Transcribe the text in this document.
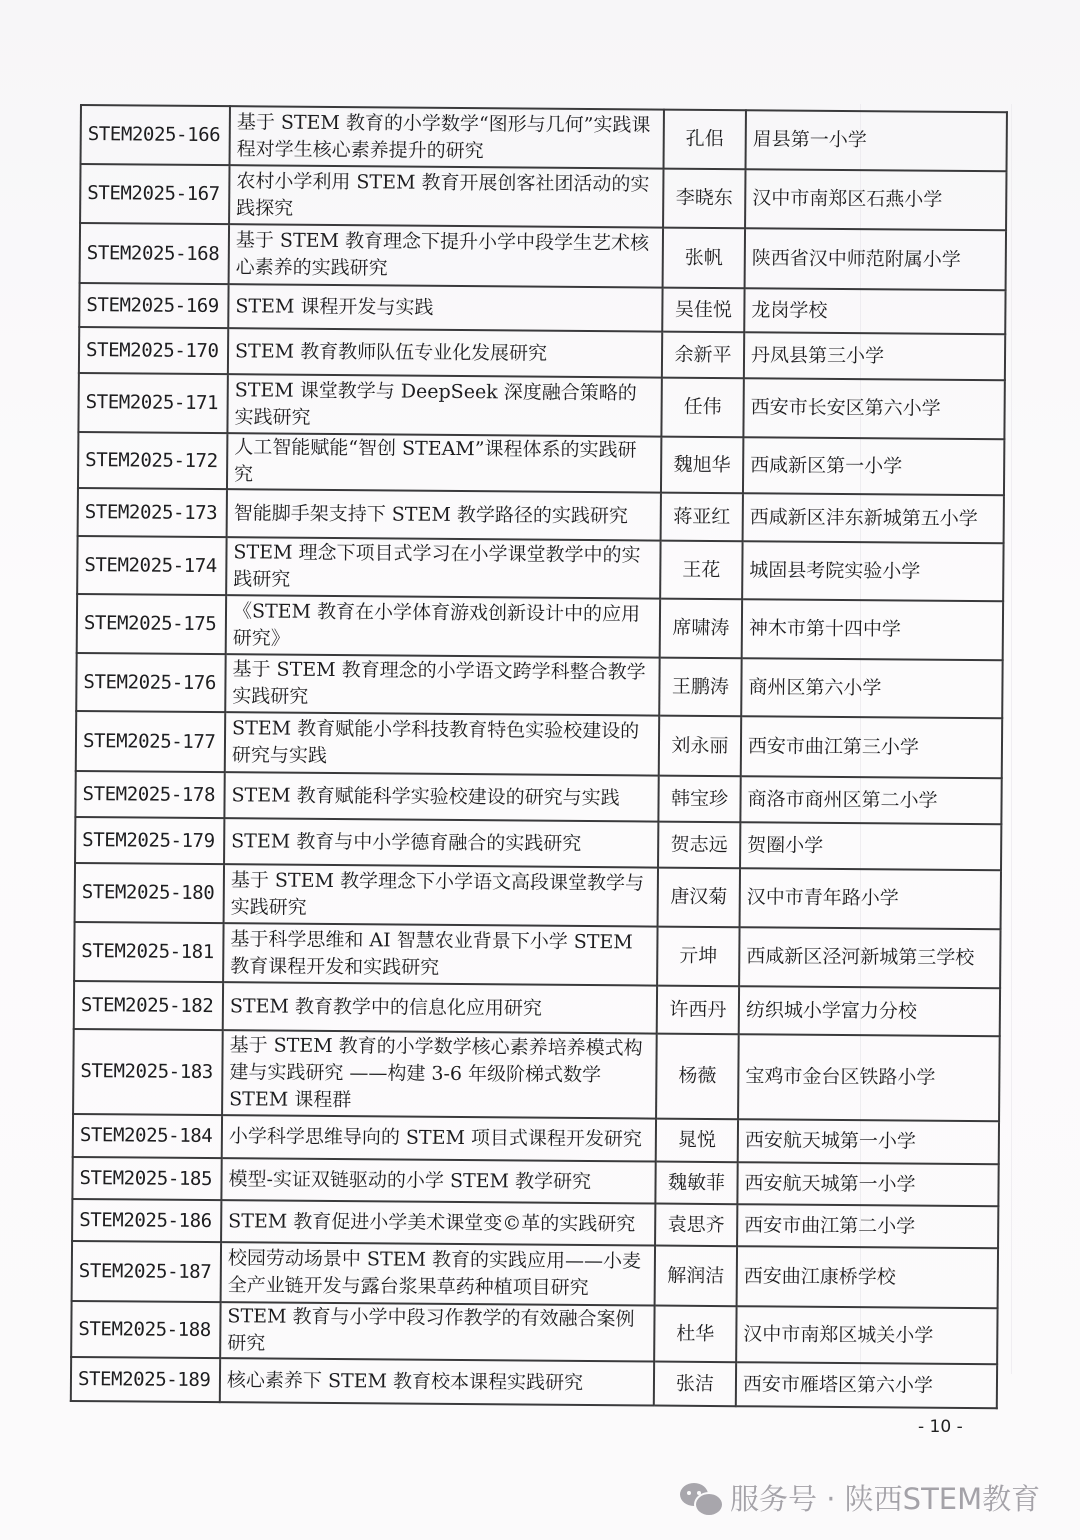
STEM2025-166	基于 STEM 教育的小学数学“图形与几何”实践课程对学生核心素养提升的研究	孔佀	眉县第一小学
STEM2025-167	农村小学利用 STEM 教育开展创客社团活动的实践探究	李晓东	汉中市南郑区石燕小学
STEM2025-168	基于 STEM 教育理念下提升小学中段学生艺术核心素养的实践研究	张帆	陕西省汉中师范附属小学
STEM2025-169	STEM 课程开发与实践	吴佳悦	龙岗学校
STEM2025-170	STEM 教育教师队伍专业化发展研究	余新平	丹凤县第三小学
STEM2025-171	STEM 课堂教学与 DeepSeek 深度融合策略的实践研究	任伟	西安市长安区第六小学
STEM2025-172	人工智能赋能“智创 STEAM”课程体系的实践研究	魏旭华	西咸新区第一小学
STEM2025-173	智能脚手架支持下 STEM 教学路径的实践研究	蒋亚红	西咸新区沣东新城第五小学
STEM2025-174	STEM 理念下项目式学习在小学课堂教学中的实践研究	王花	城固县考院实验小学
STEM2025-175	《STEM 教育在小学体育游戏创新设计中的应用研究》	席啸涛	神木市第十四中学
STEM2025-176	基于 STEM 教育理念的小学语文跨学科整合教学实践研究	王鹏涛	商州区第六小学
STEM2025-177	STEM 教育赋能小学科技教育特色实验校建设的研究与实践	刘永丽	西安市曲江第三小学
STEM2025-178	STEM 教育赋能科学实验校建设的研究与实践	韩宝珍	商洛市商州区第二小学
STEM2025-179	STEM 教育与中小学德育融合的实践研究	贺志远	贺圈小学
STEM2025-180	基于 STEM 教学理念下小学语文高段课堂教学与实践研究	唐汉菊	汉中市青年路小学
STEM2025-181	基于科学思维和 AI 智慧农业背景下小学 STEM 教育课程开发和实践研究	亓坤	西咸新区泾河新城第三学校
STEM2025-182	STEM 教育教学中的信息化应用研究	许西丹	纺织城小学富力分校
STEM2025-183	基于 STEM 教育的小学数学核心素养培养模式构建与实践研究 ——构建 3-6 年级阶梯式数学 STEM 课程群	杨薇	宝鸡市金台区铁路小学
STEM2025-184	小学科学思维导向的 STEM 项目式课程开发研究	晁悦	西安航天城第一小学
STEM2025-185	模型-实证双链驱动的小学 STEM 教学研究	魏敏菲	西安航天城第一小学
STEM2025-186	STEM 教育促进小学美术课堂变©革的实践研究	袁思齐	西安市曲江第二小学
STEM2025-187	校园劳动场景中 STEM 教育的实践应用——小麦全产业链开发与露台浆果草药种植项目研究	解润洁	西安曲江康桥学校
STEM2025-188	STEM 教育与小学中段习作教学的有效融合案例研究	杜华	汉中市南郑区城关小学
STEM2025-189	核心素养下 STEM 教育校本课程实践研究	张洁	西安市雁塔区第六小学
- 10 -
服务号 · 陕西STEM教育
